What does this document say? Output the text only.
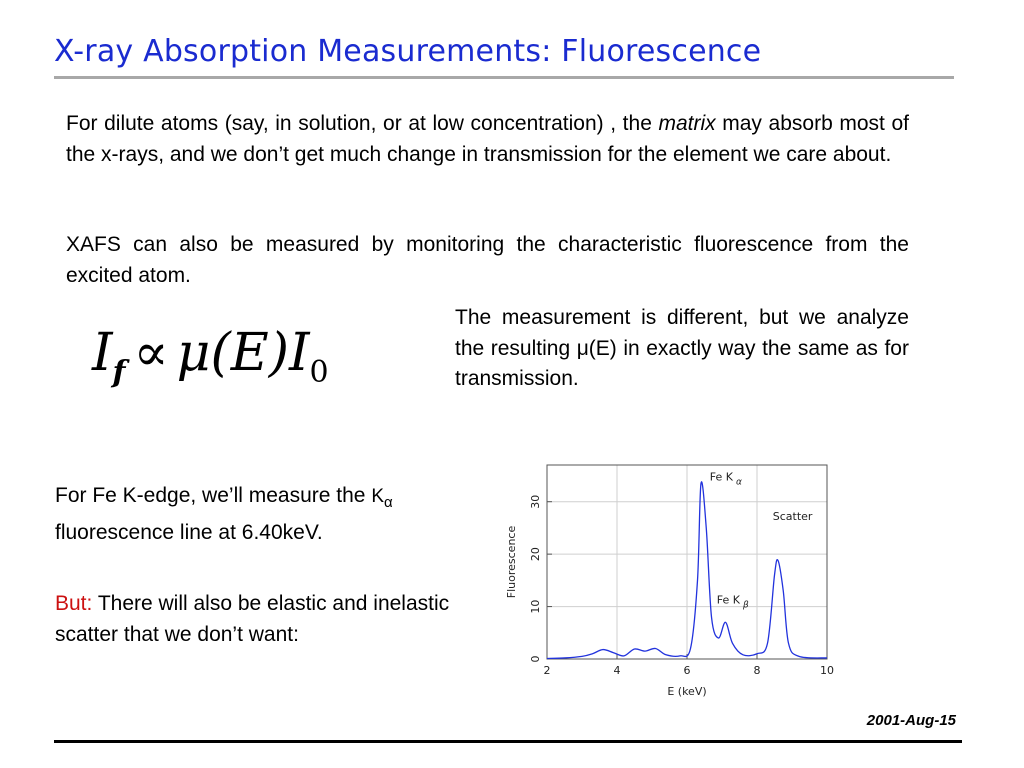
X-ray Absorption Measurements: Fluorescence
For dilute atoms (say, in solution, or at low concentration) , the matrix may absorb most of the x-rays, and we don’t get much change in transmission for the element we care about.
XAFS can also be measured by monitoring the characteristic fluorescence from the excited atom.
$I_f \propto \mu(E)I_0$
The measurement is different, but we analyze the resulting μ(E) in exactly way the same as for transmission.
For Fe K-edge, we’ll measure the $K_\alpha$ fluorescence line at 6.40keV.
But: There will also be elastic and inelastic scatter that we don’t want:
2	4	6	8	10
0
10
20
30
E (keV)
Fluorescence
Fe K $_\alpha$
Scatter
Fe K $_\beta$
2001-Aug-15
